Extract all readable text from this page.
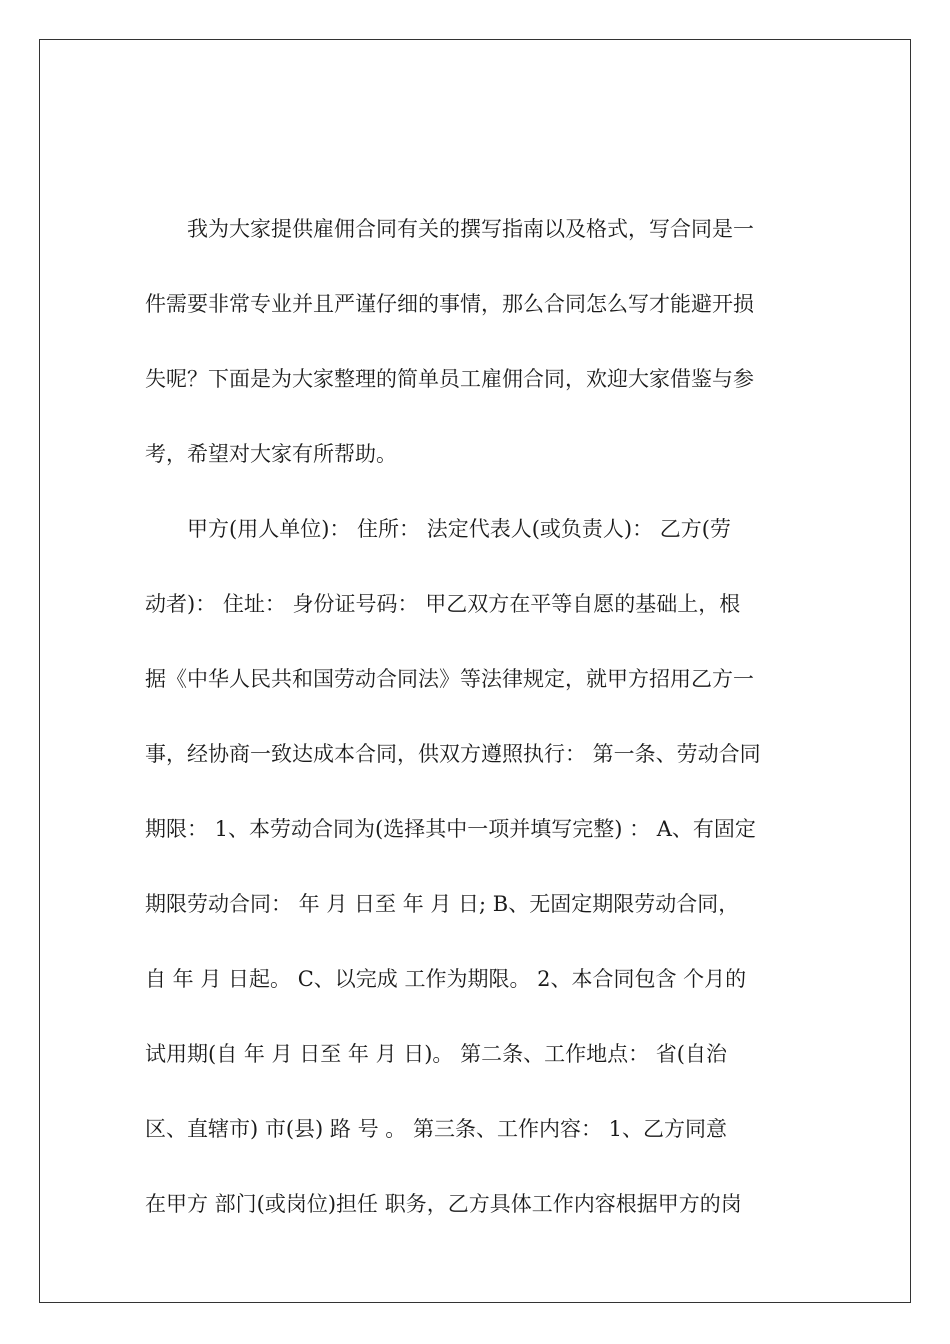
我为大家提供雇佣合同有关的撰写指南以及格式，写合同是一
件需要非常专业并且严谨仔细的事情，那么合同怎么写才能避开损
失呢？下面是为大家整理的简单员工雇佣合同，欢迎大家借鉴与参
考，希望对大家有所帮助。
甲方(用人单位)： 住所： 法定代表人(或负责人)： 乙方(劳
动者)： 住址： 身份证号码： 甲乙双方在平等自愿的基础上，根
据《中华人民共和国劳动合同法》等法律规定，就甲方招用乙方一
事，经协商一致达成本合同，供双方遵照执行： 第一条、劳动合同
期限： 1、本劳动合同为(选择其中一项并填写完整) ： A、有固定
期限劳动合同： 年 月 日至 年 月 日; B、无固定期限劳动合同，
自 年 月 日起。 C、以完成 工作为期限。 2、本合同包含 个月的
试用期(自 年 月 日至 年 月 日)。 第二条、工作地点： 省(自治
区、直辖市) 市(县) 路 号 。 第三条、工作内容： 1、乙方同意
在甲方 部门(或岗位)担任 职务，乙方具体工作内容根据甲方的岗
